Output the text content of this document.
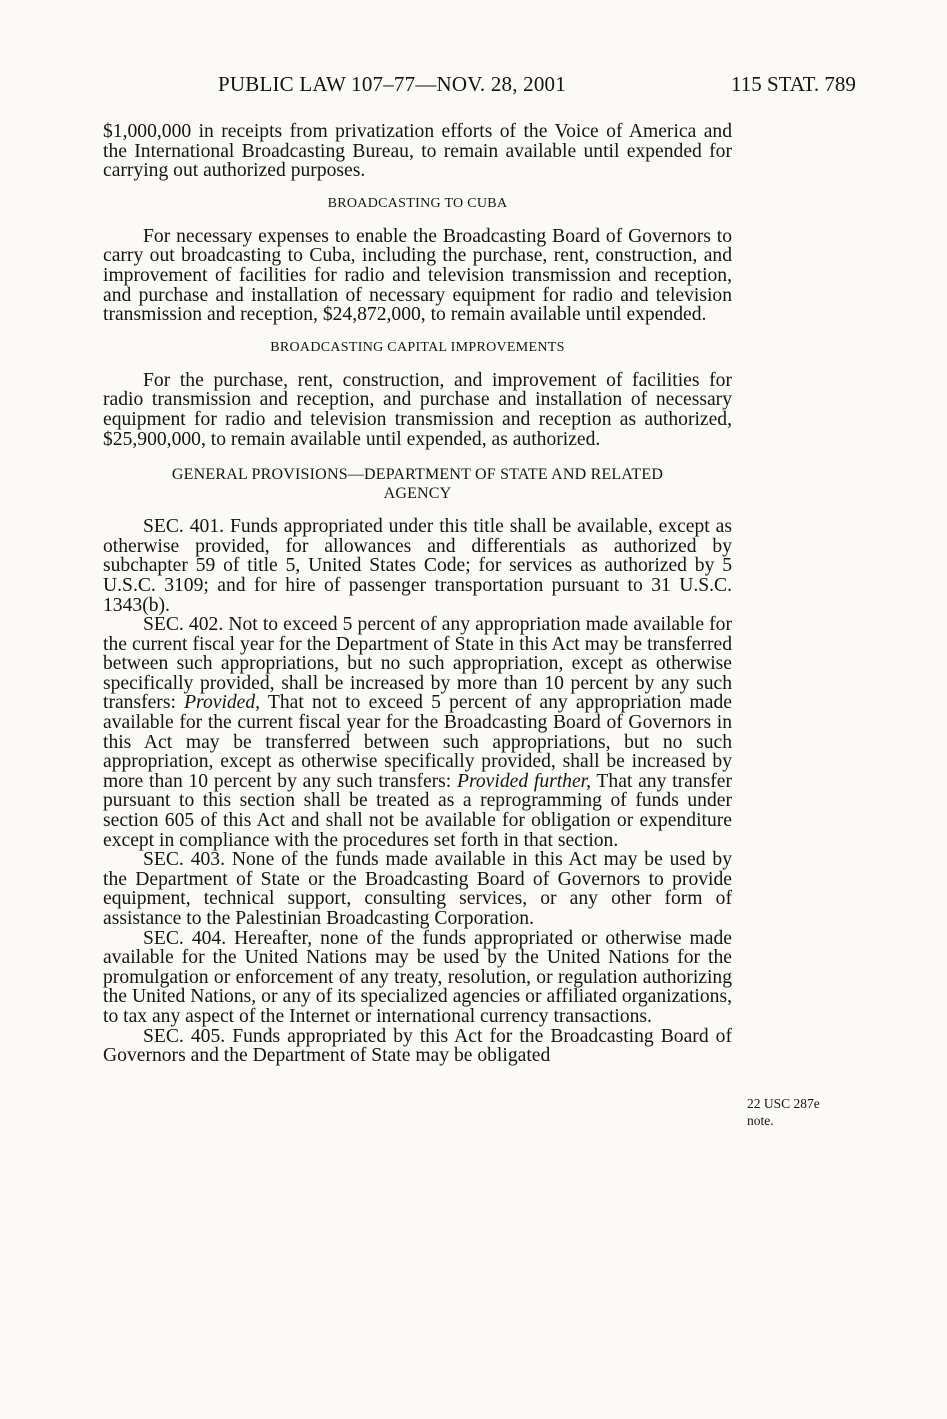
PUBLIC LAW 107–77—NOV. 28, 2001	115 STAT. 789

$1,000,000 in receipts from privatization efforts of the Voice of America and the International Broadcasting Bureau, to remain available until expended for carrying out authorized purposes.

BROADCASTING TO CUBA

For necessary expenses to enable the Broadcasting Board of Governors to carry out broadcasting to Cuba, including the purchase, rent, construction, and improvement of facilities for radio and television transmission and reception, and purchase and installation of necessary equipment for radio and television transmission and reception, $24,872,000, to remain available until expended.

BROADCASTING CAPITAL IMPROVEMENTS

For the purchase, rent, construction, and improvement of facilities for radio transmission and reception, and purchase and installation of necessary equipment for radio and television transmission and reception as authorized, $25,900,000, to remain available until expended, as authorized.

GENERAL PROVISIONS—DEPARTMENT OF STATE AND RELATED
AGENCY

SEC. 401. Funds appropriated under this title shall be available, except as otherwise provided, for allowances and differentials as authorized by subchapter 59 of title 5, United States Code; for services as authorized by 5 U.S.C. 3109; and for hire of passenger transportation pursuant to 31 U.S.C. 1343(b).

SEC. 402. Not to exceed 5 percent of any appropriation made available for the current fiscal year for the Department of State in this Act may be transferred between such appropriations, but no such appropriation, except as otherwise specifically provided, shall be increased by more than 10 percent by any such transfers: Provided, That not to exceed 5 percent of any appropriation made available for the current fiscal year for the Broadcasting Board of Governors in this Act may be transferred between such appropriations, but no such appropriation, except as otherwise specifically provided, shall be increased by more than 10 percent by any such transfers: Provided further, That any transfer pursuant to this section shall be treated as a reprogramming of funds under section 605 of this Act and shall not be available for obligation or expenditure except in compliance with the procedures set forth in that section.

SEC. 403. None of the funds made available in this Act may be used by the Department of State or the Broadcasting Board of Governors to provide equipment, technical support, consulting services, or any other form of assistance to the Palestinian Broadcasting Corporation.

SEC. 404. Hereafter, none of the funds appropriated or otherwise made available for the United Nations may be used by the United Nations for the promulgation or enforcement of any treaty, resolution, or regulation authorizing the United Nations, or any of its specialized agencies or affiliated organizations, to tax any aspect of the Internet or international currency transactions.

SEC. 405. Funds appropriated by this Act for the Broadcasting Board of Governors and the Department of State may be obligated

22 USC 287e
note.
